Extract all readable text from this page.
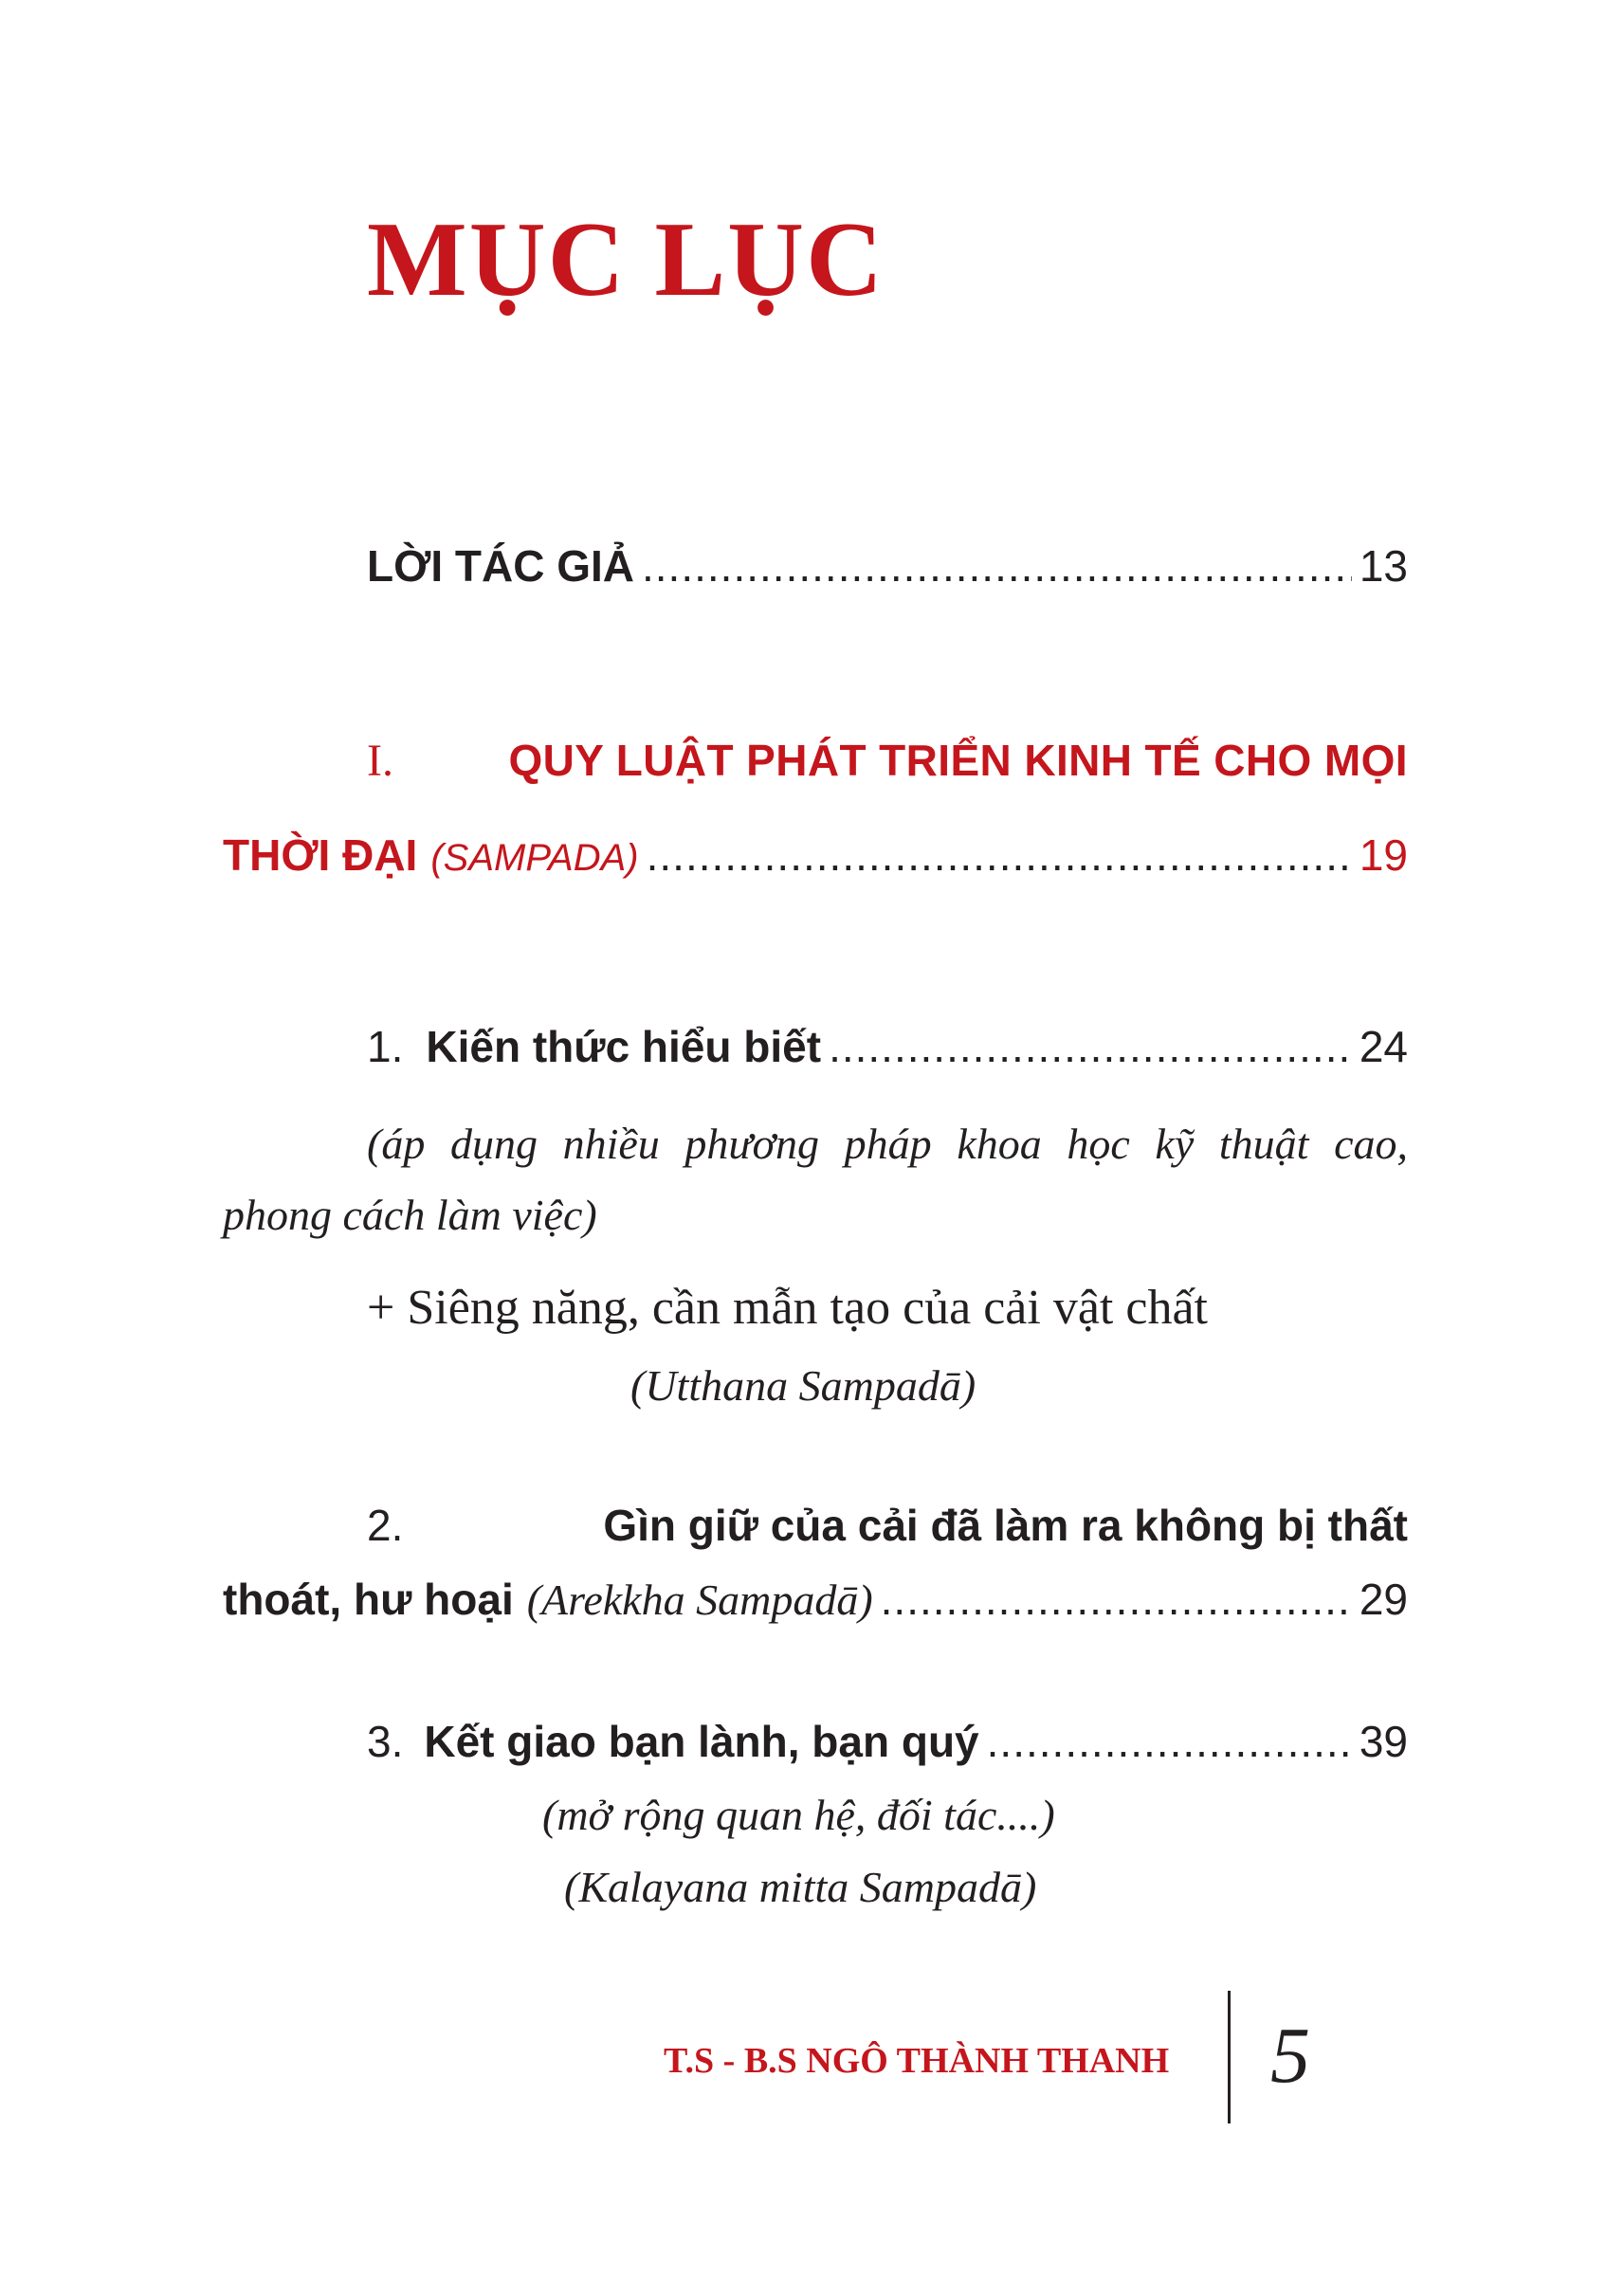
MỤC LỤC
LỜI TÁC GIẢ .....	13
I.	QUY LUẬT PHÁT TRIỂN KINH TẾ CHO MỌI
THỜI ĐẠI (SAMPADA) .....	19
1. Kiến thức hiểu biết .....	24
(áp dụng nhiều phương pháp khoa học kỹ thuật cao,
phong cách làm việc)
+ Siêng năng, cần mẫn tạo của cải vật chất
(Utthana Sampadā)
2.	Gìn giữ của cải đã làm ra không bị thất
thoát, hư hoại (Arekkha Sampadā) .....	29
3. Kết giao bạn lành, bạn quý .....	39
(mở rộng quan hệ, đối tác....)
(Kalayana mitta Sampadā)
T.S - B.S NGÔ THÀNH THANH 5
